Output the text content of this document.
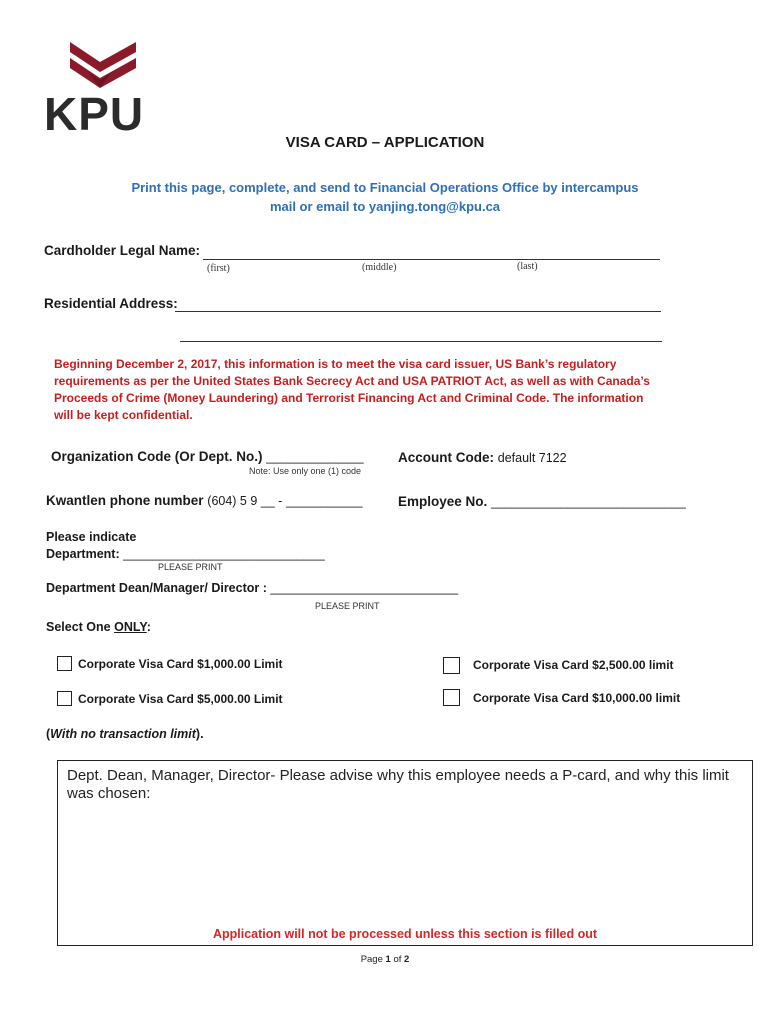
KPU
VISA CARD – APPLICATION
Print this page, complete, and send to Financial Operations Office by intercampus
mail or email to yanjing.tong@kpu.ca
Cardholder Legal Name:
(first)	(middle)	(last)
Residential Address:
Beginning December 2, 2017, this information is to meet the visa card issuer, US Bank’s regulatory
requirements as per the United States Bank Secrecy Act and USA PATRIOT Act, as well as with Canada’s
Proceeds of Crime (Money Laundering) and Terrorist Financing Act and Criminal Code. The information
will be kept confidential.
Organization Code (Or Dept. No.) ______________
Note: Use only one (1) code
Account Code: default 7122
Kwantlen phone number (604) 5 9 __ - ___________	Employee No. ____________________________
Please indicate
Department: _____________________________
PLEASE PRINT
Department Dean/Manager/ Director : ___________________________
PLEASE PRINT
Select One ONLY:
Corporate Visa Card $1,000.00 Limit	Corporate Visa Card $2,500.00 limit
Corporate Visa Card $5,000.00 Limit	Corporate Visa Card $10,000.00 limit
(With no transaction limit).
Dept. Dean, Manager, Director- Please advise why this employee needs a P-card, and why this limit
was chosen:
Application will not be processed unless this section is filled out
Page 1 of 2
